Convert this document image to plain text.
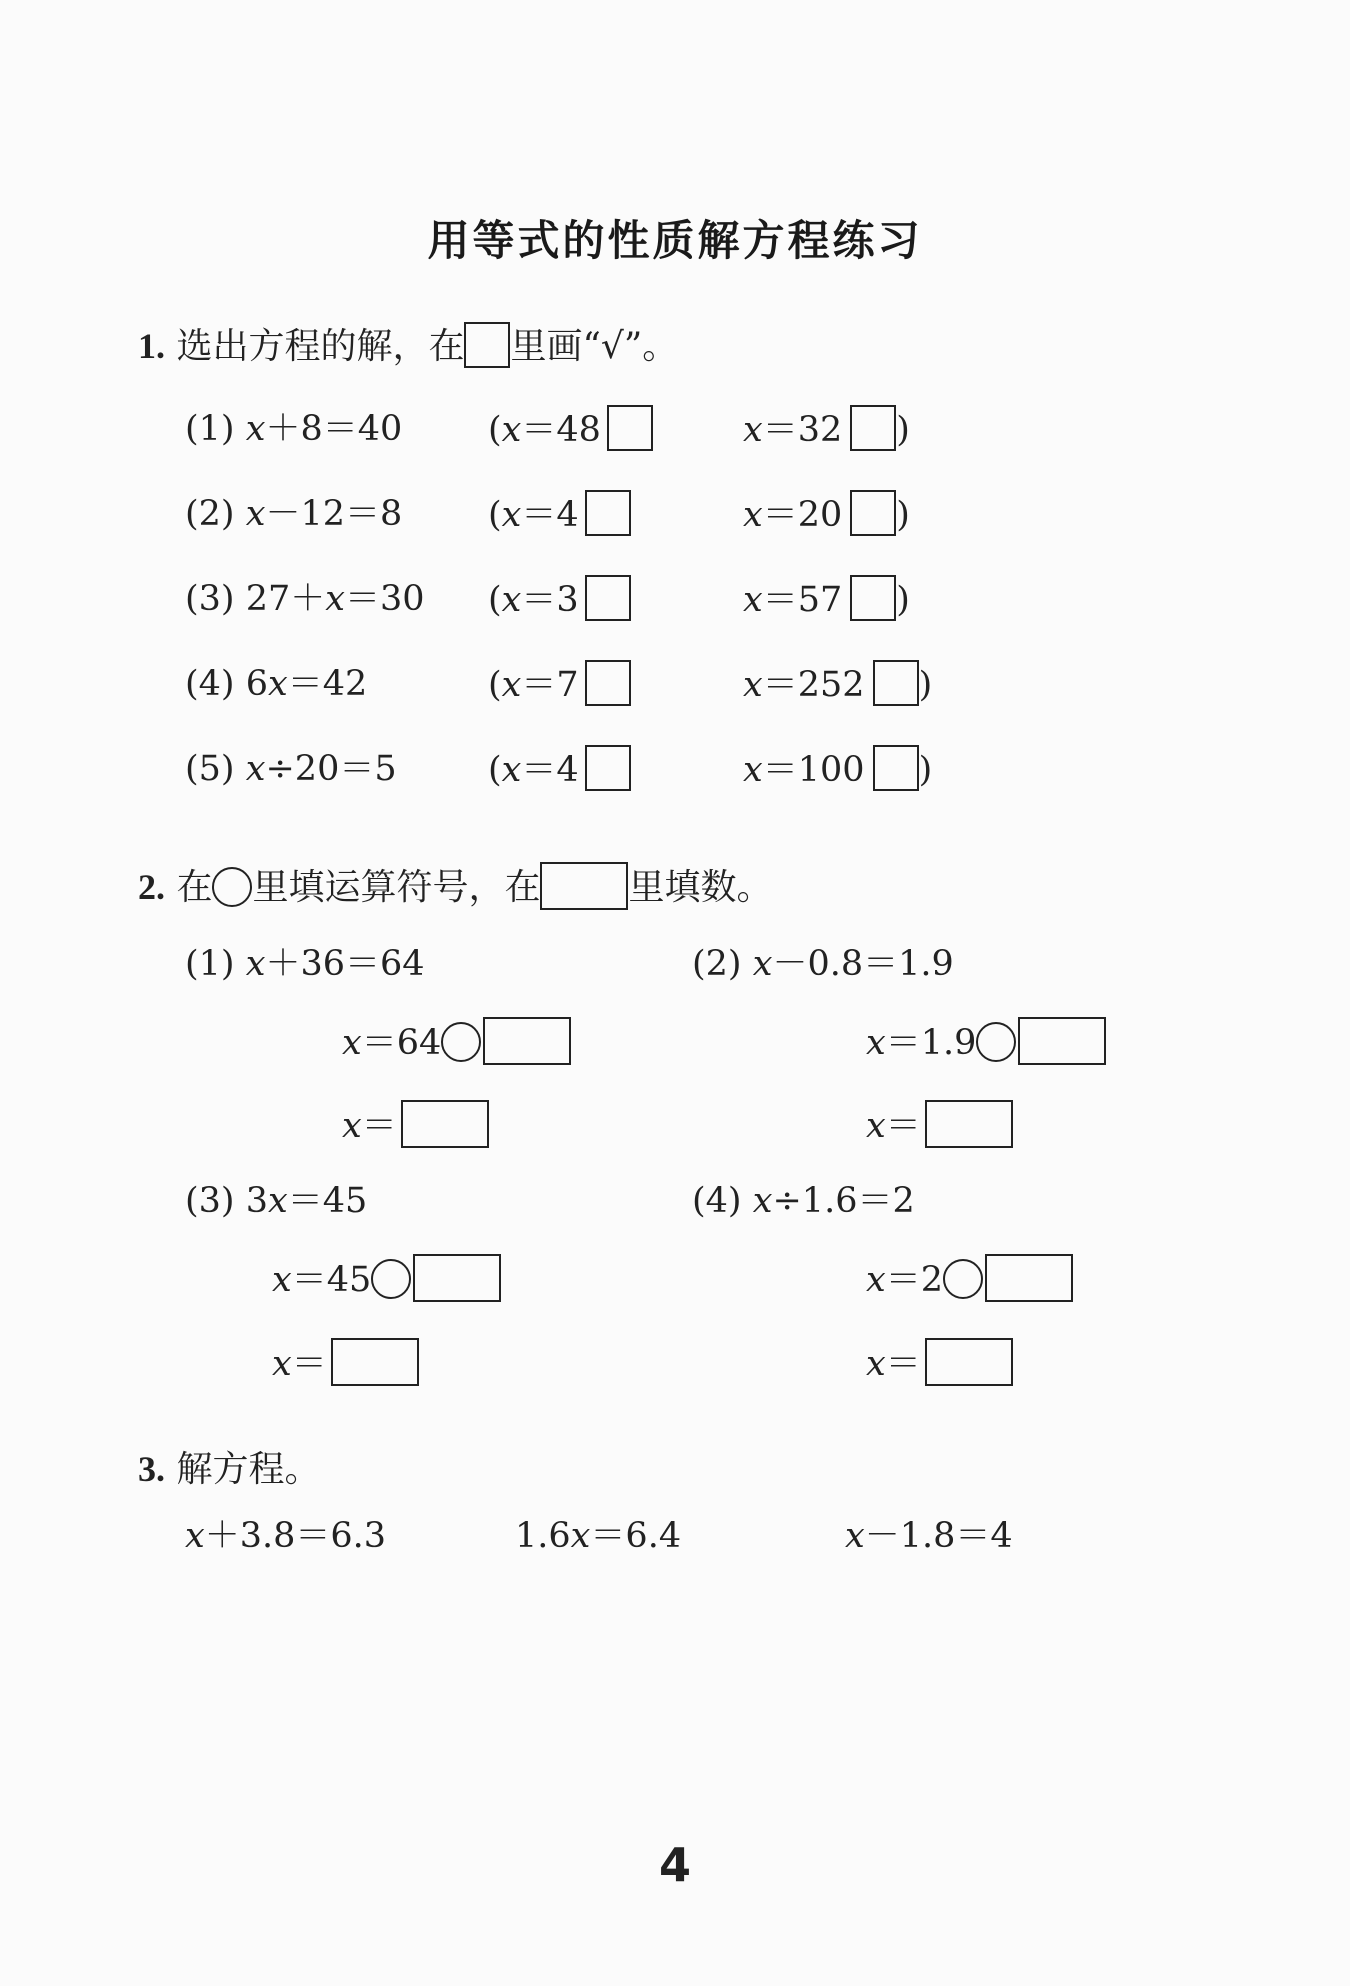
用等式的性质解方程练习
1. 选出方程的解，在 里画“√”。
(1) x＋8＝40 (x＝48	x＝32 )
(2) x－12＝8 (x＝4	x＝20 )
(3) 27＋x＝30 (x＝3	x＝57 )
(4) 6x＝42	(x＝7	x＝252 )
(5) x÷20＝5	(x＝4	x＝100 )
2. 在 里填运算符号，在 里填数。
(1) x＋36＝64
x＝64
x＝
(2) x－0.8＝1.9
x＝1.9
x＝
(3) 3x＝45
x＝45
x＝
(4) x÷1.6＝2
x＝2
x＝
3. 解方程。
x＋3.8＝6.3	1.6x＝6.4	x－1.8＝4
4
